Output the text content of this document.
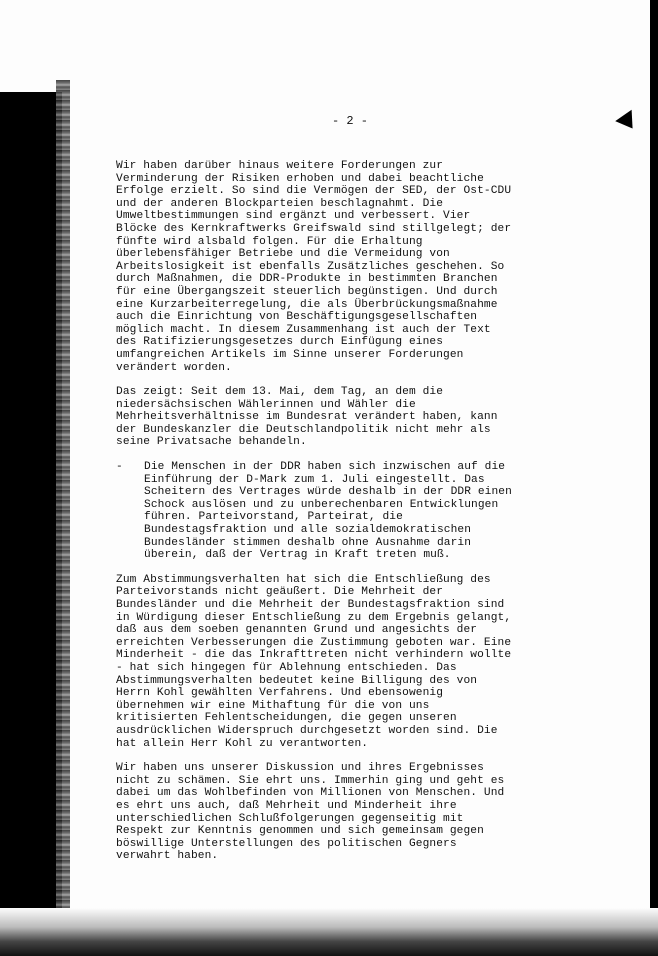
- 2 -

Wir haben darüber hinaus weitere Forderungen zur
Verminderung der Risiken erhoben und dabei beachtliche
Erfolge erzielt. So sind die Vermögen der SED, der Ost-CDU
und der anderen Blockparteien beschlagnahmt. Die
Umweltbestimmungen sind ergänzt und verbessert. Vier
Blöcke des Kernkraftwerks Greifswald sind stillgelegt; der
fünfte wird alsbald folgen. Für die Erhaltung
überlebensfähiger Betriebe und die Vermeidung von
Arbeitslosigkeit ist ebenfalls Zusätzliches geschehen. So
durch Maßnahmen, die DDR-Produkte in bestimmten Branchen
für eine Übergangszeit steuerlich begünstigen. Und durch
eine Kurzarbeiterregelung, die als Überbrückungsmaßnahme
auch die Einrichtung von Beschäftigungsgesellschaften
möglich macht. In diesem Zusammenhang ist auch der Text
des Ratifizierungsgesetzes durch Einfügung eines
umfangreichen Artikels im Sinne unserer Forderungen
verändert worden.

Das zeigt: Seit dem 13. Mai, dem Tag, an dem die
niedersächsischen Wählerinnen und Wähler die
Mehrheitsverhältnisse im Bundesrat verändert haben, kann
der Bundeskanzler die Deutschlandpolitik nicht mehr als
seine Privatsache behandeln.

- Die Menschen in der DDR haben sich inzwischen auf die
Einführung der D-Mark zum 1. Juli eingestellt. Das
Scheitern des Vertrages würde deshalb in der DDR einen
Schock auslösen und zu unberechenbaren Entwicklungen
führen. Parteivorstand, Parteirat, die
Bundestagsfraktion und alle sozialdemokratischen
Bundesländer stimmen deshalb ohne Ausnahme darin
überein, daß der Vertrag in Kraft treten muß.

Zum Abstimmungsverhalten hat sich die Entschließung des
Parteivorstands nicht geäußert. Die Mehrheit der
Bundesländer und die Mehrheit der Bundestagsfraktion sind
in Würdigung dieser Entschließung zu dem Ergebnis gelangt,
daß aus dem soeben genannten Grund und angesichts der
erreichten Verbesserungen die Zustimmung geboten war. Eine
Minderheit - die das Inkrafttreten nicht verhindern wollte
- hat sich hingegen für Ablehnung entschieden. Das
Abstimmungsverhalten bedeutet keine Billigung des von
Herrn Kohl gewählten Verfahrens. Und ebensowenig
übernehmen wir eine Mithaftung für die von uns
kritisierten Fehlentscheidungen, die gegen unseren
ausdrücklichen Widerspruch durchgesetzt worden sind. Die
hat allein Herr Kohl zu verantworten.

Wir haben uns unserer Diskussion und ihres Ergebnisses
nicht zu schämen. Sie ehrt uns. Immerhin ging und geht es
dabei um das Wohlbefinden von Millionen von Menschen. Und
es ehrt uns auch, daß Mehrheit und Minderheit ihre
unterschiedlichen Schlußfolgerungen gegenseitig mit
Respekt zur Kenntnis genommen und sich gemeinsam gegen
böswillige Unterstellungen des politischen Gegners
verwahrt haben.
